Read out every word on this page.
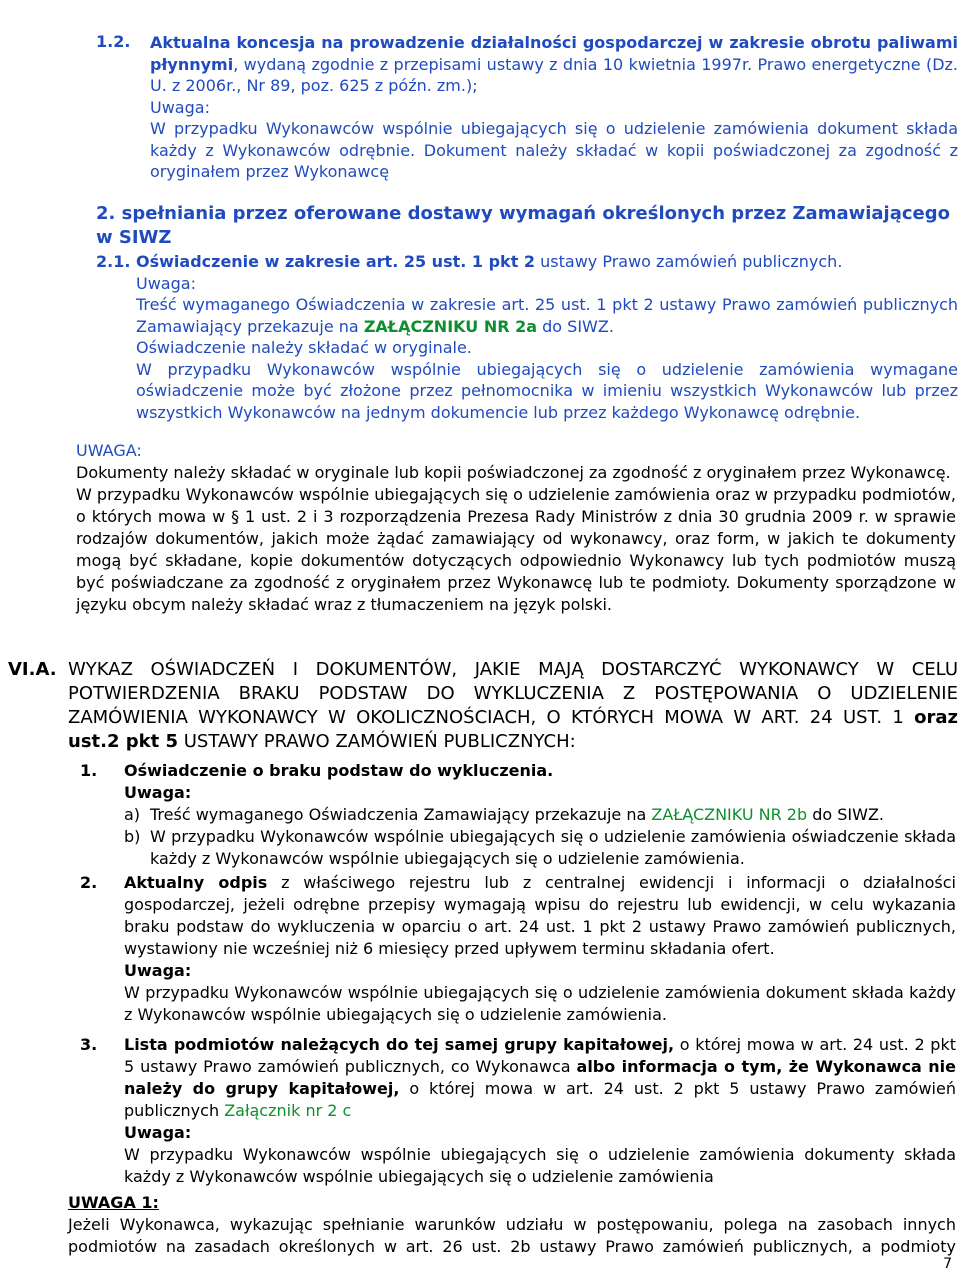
1.2. Aktualna koncesja na prowadzenie działalności gospodarczej w zakresie obrotu paliwami płynnymi, wydaną zgodnie z przepisami ustawy z dnia 10 kwietnia 1997r. Prawo energetyczne (Dz. U. z 2006r., Nr 89, poz. 625 z późn. zm.);
Uwaga:
W przypadku Wykonawców wspólnie ubiegających się o udzielenie zamówienia dokument składa każdy z Wykonawców odrębnie. Dokument należy składać w kopii poświadczonej za zgodność z oryginałem przez Wykonawcę
2. spełniania przez oferowane dostawy wymagań określonych przez Zamawiającego w SIWZ
2.1. Oświadczenie w zakresie art. 25 ust. 1 pkt 2 ustawy Prawo zamówień publicznych.
Uwaga:
Treść wymaganego Oświadczenia w zakresie art. 25 ust. 1 pkt 2 ustawy Prawo zamówień publicznych Zamawiający przekazuje na ZAŁĄCZNIKU NR 2a do SIWZ.
Oświadczenie należy składać w oryginale.
W przypadku Wykonawców wspólnie ubiegających się o udzielenie zamówienia wymagane oświadczenie może być złożone przez pełnomocnika w imieniu wszystkich Wykonawców lub przez wszystkich Wykonawców na jednym dokumencie lub przez każdego Wykonawcę odrębnie.
UWAGA:
Dokumenty należy składać w oryginale lub kopii poświadczonej za zgodność z oryginałem przez Wykonawcę.
W przypadku Wykonawców wspólnie ubiegających się o udzielenie zamówienia oraz w przypadku podmiotów, o których mowa w § 1 ust. 2 i 3 rozporządzenia Prezesa Rady Ministrów z dnia 30 grudnia 2009 r. w sprawie rodzajów dokumentów, jakich może żądać zamawiający od wykonawcy, oraz form, w jakich te dokumenty mogą być składane, kopie dokumentów dotyczących odpowiednio Wykonawcy lub tych podmiotów muszą być poświadczane za zgodność z oryginałem przez Wykonawcę lub te podmioty. Dokumenty sporządzone w języku obcym należy składać wraz z tłumaczeniem na język polski.
VI.A. WYKAZ OŚWIADCZEŃ I DOKUMENTÓW, JAKIE MAJĄ DOSTARCZYĆ WYKONAWCY W CELU POTWIERDZENIA BRAKU PODSTAW DO WYKLUCZENIA Z POSTĘPOWANIA O UDZIELENIE ZAMÓWIENIA WYKONAWCY W OKOLICZNOŚCIACH, O KTÓRYCH MOWA W ART. 24 UST. 1 oraz ust.2 pkt 5 USTAWY PRAWO ZAMÓWIEŃ PUBLICZNYCH:
1. Oświadczenie o braku podstaw do wykluczenia.
Uwaga:
a) Treść wymaganego Oświadczenia Zamawiający przekazuje na ZAŁĄCZNIKU NR 2b do SIWZ.
b) W przypadku Wykonawców wspólnie ubiegających się o udzielenie zamówienia oświadczenie składa każdy z Wykonawców wspólnie ubiegających się o udzielenie zamówienia.
2. Aktualny odpis z właściwego rejestru lub z centralnej ewidencji i informacji o działalności gospodarczej, jeżeli odrębne przepisy wymagają wpisu do rejestru lub ewidencji, w celu wykazania braku podstaw do wykluczenia w oparciu o art. 24 ust. 1 pkt 2 ustawy Prawo zamówień publicznych, wystawiony nie wcześniej niż 6 miesięcy przed upływem terminu składania ofert.
Uwaga:
W przypadku Wykonawców wspólnie ubiegających się o udzielenie zamówienia dokument składa każdy z Wykonawców wspólnie ubiegających się o udzielenie zamówienia.
3. Lista podmiotów należących do tej samej grupy kapitałowej, o której mowa w art. 24 ust. 2 pkt 5 ustawy Prawo zamówień publicznych, co Wykonawca albo informacja o tym, że Wykonawca nie należy do grupy kapitałowej, o której mowa w art. 24 ust. 2 pkt 5 ustawy Prawo zamówień publicznych Załącznik nr 2 c
Uwaga:
W przypadku Wykonawców wspólnie ubiegających się o udzielenie zamówienia dokumenty składa każdy z Wykonawców wspólnie ubiegających się o udzielenie zamówienia
UWAGA 1:
Jeżeli Wykonawca, wykazując spełnianie warunków udziału w postępowaniu, polega na zasobach innych podmiotów na zasadach określonych w art. 26 ust. 2b ustawy Prawo zamówień publicznych, a podmioty
7
